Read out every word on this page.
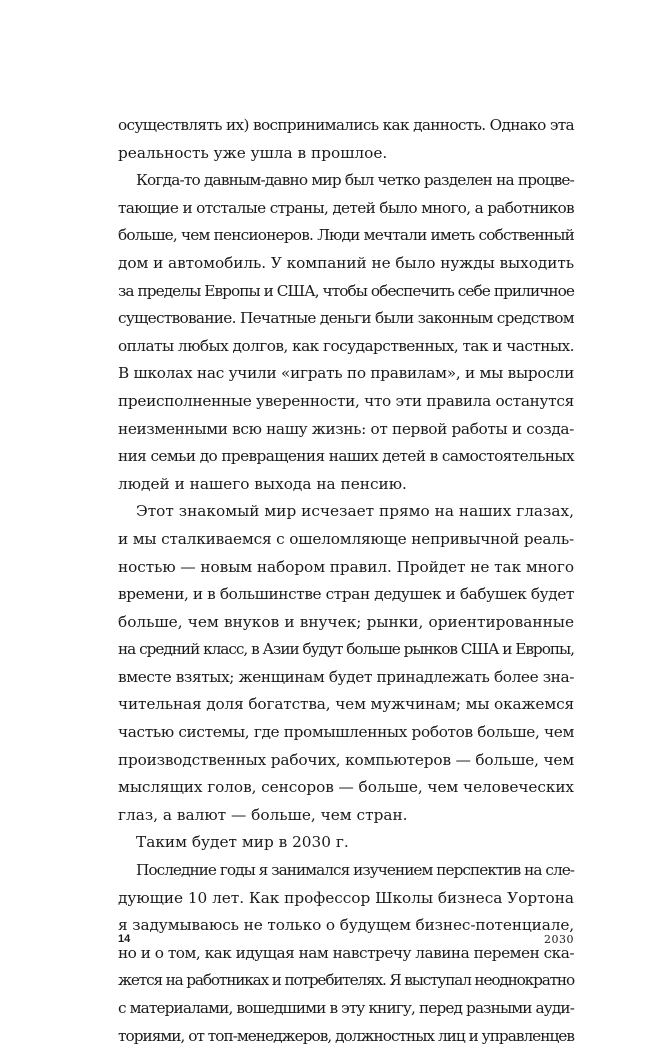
осуществлять их) воспринимались как данность. Однако эта
реальность уже ушла в прошлое.
Когда-то давным-давно мир был четко разделен на процве-
тающие и отсталые страны, детей было много, а работников
больше, чем пенсионеров. Люди мечтали иметь собственный
дом и автомобиль. У компаний не было нужды выходить
за пределы Европы и США, чтобы обеспечить себе приличное
существование. Печатные деньги были законным средством
оплаты любых долгов, как государственных, так и частных.
В школах нас учили «играть по правилам», и мы выросли
преисполненные уверенности, что эти правила останутся
неизменными всю нашу жизнь: от первой работы и созда-
ния семьи до превращения наших детей в самостоятельных
людей и нашего выхода на пенсию.
Этот знакомый мир исчезает прямо на наших глазах,
и мы сталкиваемся с ошеломляюще непривычной реаль-
ностью — новым набором правил. Пройдет не так много
времени, и в большинстве стран дедушек и бабушек будет
больше, чем внуков и внучек; рынки, ориентированные
на средний класс, в Азии будут больше рынков США и Европы,
вместе взятых; женщинам будет принадлежать более зна-
чительная доля богатства, чем мужчинам; мы окажемся
частью системы, где промышленных роботов больше, чем
производственных рабочих, компьютеров — больше, чем
мыслящих голов, сенсоров — больше, чем человеческих
глаз, а валют — больше, чем стран.
Таким будет мир в 2030 г.
Последние годы я занимался изучением перспектив на сле-
дующие 10 лет. Как профессор Школы бизнеса Уортона
я задумываюсь не только о будущем бизнес-потенциале,
но и о том, как идущая нам навстречу лавина перемен ска-
жется на работниках и потребителях. Я выступал неоднократно
с материалами, вошедшими в эту книгу, перед разными ауди-
ториями, от топ-менеджеров, должностных лиц и управленцев
14	2030
